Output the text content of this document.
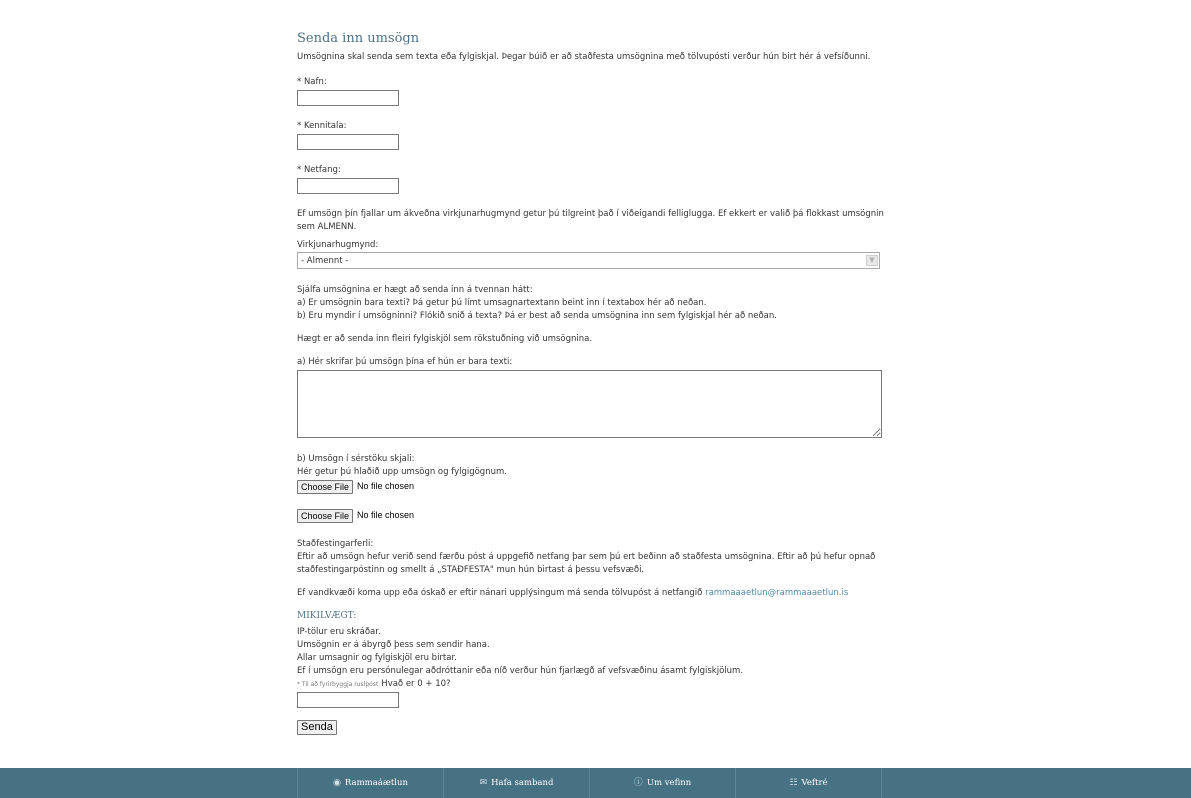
Senda inn umsögn

Umsögnina skal senda sem texta eða fylgiskjal. Þegar búið er að staðfesta umsögnina með tölvupósti verður hún birt hér á vefsíðunni.

* Nafn:
* Kennitala:
* Netfang:

Ef umsögn þín fjallar um ákveðna virkjunarhugmynd getur þú tilgreint það í viðeigandi felliglugga. Ef ekkert er valið þá flokkast umsögnin sem ALMENN.

Virkjunarhugmynd:
- Almennt -	▼

Sjálfa umsögnina er hægt að senda inn á tvennan hátt:

a) Er umsögnin bara texti? Þá getur þú límt umsagnartextann beint inn í textabox hér að neðan.

b) Eru myndir í umsögninni? Flókið snið á texta? Þá er best að senda umsögnina inn sem fylgiskjal hér að neðan.

Hægt er að senda inn fleiri fylgiskjöl sem rökstuðning við umsögnina.

a) Hér skrifar þú umsögn þína ef hún er bara texti:
b) Umsögn í sérstöku skjali:
Hér getur þú hlaðið upp umsögn og fylgigögnum.
Choose File No file chosen
Choose File No file chosen

Staðfestingarferli:

Eftir að umsögn hefur verið send færðu póst á uppgefið netfang þar sem þú ert beðinn að staðfesta umsögnina. Eftir að þú hefur opnað staðfestingarpóstinn og smellt á „STAÐFESTA" mun hún birtast á þessu vefsvæði.

Ef vandkvæði koma upp eða óskað er eftir nánari upplýsingum má senda tölvupóst á netfangið rammaaaetlun@rammaaaetlun.is

MIKILVÆGT:

IP-tölur eru skráðar.

Umsögnin er á ábyrgð þess sem sendir hana.

Allar umsagnir og fylgiskjöl eru birtar.

Ef í umsögn eru persónulegar aðdróttanir eða níð verður hún fjarlægð af vefsvæðinu ásamt fylgiskjölum.

* Til að fyrirbyggja ruslpóst Hvað er 0 + 10?
Senda
◉ Rammaáætlun	✉ Hafa samband	ⓘ Um vefinn	☷ Veftré
